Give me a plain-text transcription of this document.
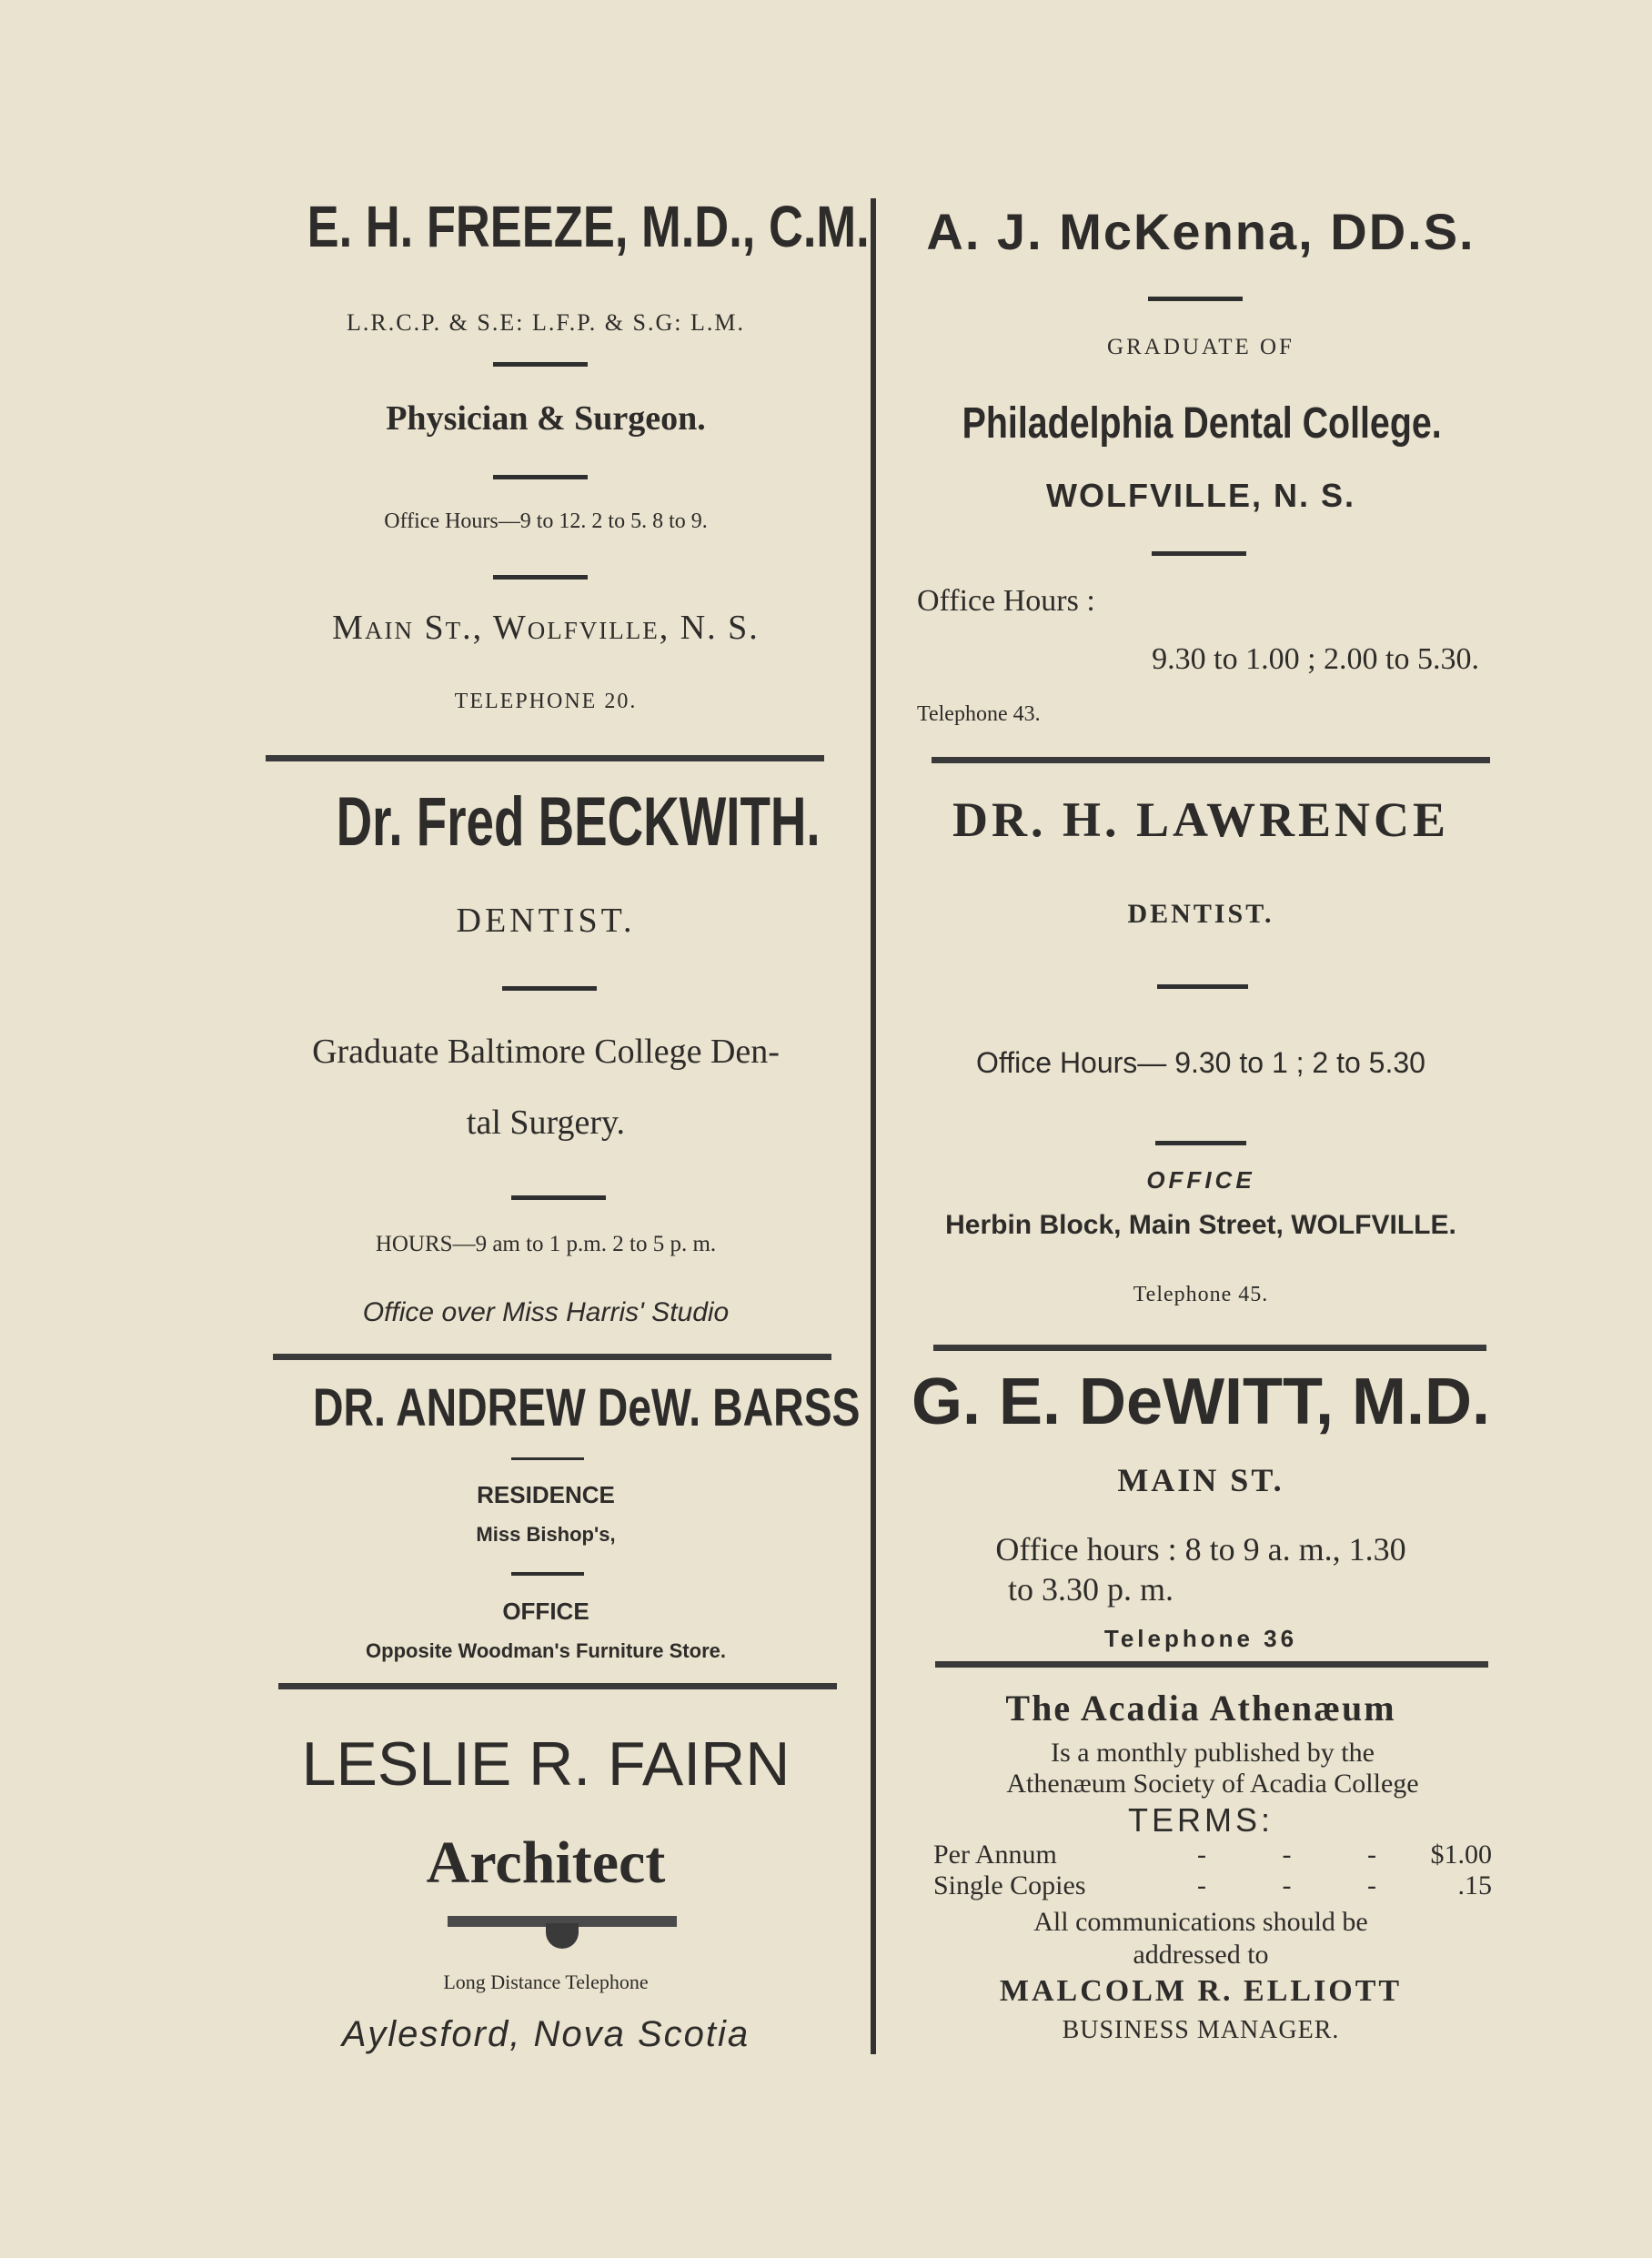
E. H. FREEZE, M.D., C.M.

L.R.C.P. & S.E: L.F.P. & S.G: L.M.

Physician & Surgeon.

Office Hours—9 to 12. 2 to 5. 8 to 9.

Main St., Wolfville, N. S.

TELEPHONE 20.

Dr. Fred BECKWITH.

DENTIST.

Graduate Baltimore College Den-

tal Surgery.

HOURS—9 am to 1 p.m. 2 to 5 p. m.

Office over Miss Harris' Studio

DR. ANDREW DeW. BARSS

RESIDENCE

Miss Bishop's,

OFFICE

Opposite Woodman's Furniture Store.

LESLIE R. FAIRN

Architect

Long Distance Telephone

Aylesford, Nova Scotia

A. J. McKenna, DD.S.

GRADUATE OF

Philadelphia Dental College.

WOLFVILLE, N. S.

Office Hours :

9.30 to 1.00 ; 2.00 to 5.30.

Telephone 43.

DR. H. LAWRENCE

DENTIST.

Office Hours— 9.30 to 1 ; 2 to 5.30

OFFICE

Herbin Block, Main Street, WOLFVILLE.

Telephone 45.

G. E. DeWITT, M.D.

MAIN ST.

Office hours : 8 to 9 a. m., 1.30

to 3.30 p. m.

Telephone 36

The Acadia Athenæum

Is a monthly published by the

Athenæum Society of Acadia College

TERMS:

Per Annum	- - - $1.00
Single Copies	- - - .15

All communications should be

addressed to

MALCOLM R. ELLIOTT

BUSINESS MANAGER.
